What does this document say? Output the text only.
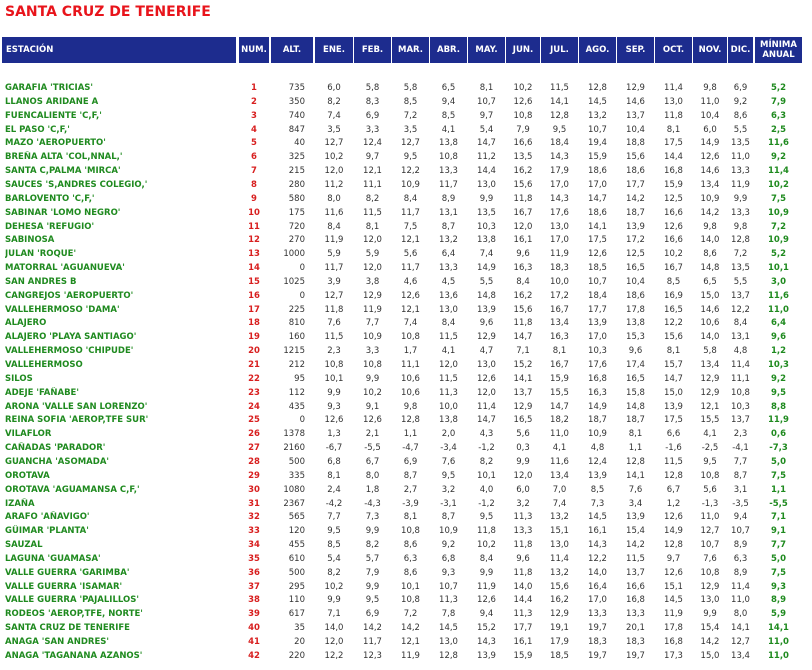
SANTA CRUZ DE TENERIFE
ESTACIÓN	NUM.	ALT.	ENE.	FEB.	MAR.	ABR.	MAY.	JUN.	JUL.	AGO.	SEP.	OCT.	NOV.	DIC.	MÍNIMA ANUAL
GARAFIA 'TRICIAS'	1	735	6,0	5,8	5,8	6,5	8,1	10,2	11,5	12,8	12,9	11,4	9,8	6,9	5,2
LLANOS ARIDANE A	2	350	8,2	8,3	8,5	9,4	10,7	12,6	14,1	14,5	14,6	13,0	11,0	9,2	7,9
FUENCALIENTE 'C,F,'	3	740	7,4	6,9	7,2	8,5	9,7	10,8	12,8	13,2	13,7	11,8	10,4	8,6	6,3
EL PASO 'C,F,'	4	847	3,5	3,3	3,5	4,1	5,4	7,9	9,5	10,7	10,4	8,1	6,0	5,5	2,5
MAZO 'AEROPUERTO'	5	40	12,7	12,4	12,7	13,8	14,7	16,6	18,4	19,4	18,8	17,5	14,9	13,5	11,6
BREÑA ALTA 'COL,NNAL,'	6	325	10,2	9,7	9,5	10,8	11,2	13,5	14,3	15,9	15,6	14,4	12,6	11,0	9,2
SANTA C,PALMA 'MIRCA'	7	215	12,0	12,1	12,2	13,3	14,4	16,2	17,9	18,6	18,6	16,8	14,6	13,3	11,4
SAUCES 'S,ANDRES COLEGIO,'	8	280	11,2	11,1	10,9	11,7	13,0	15,6	17,0	17,0	17,7	15,9	13,4	11,9	10,2
BARLOVENTO 'C,F,'	9	580	8,0	8,2	8,4	8,9	9,9	11,8	14,3	14,7	14,2	12,5	10,9	9,9	7,5
SABINAR 'LOMO NEGRO'	10	175	11,6	11,5	11,7	13,1	13,5	16,7	17,6	18,6	18,7	16,6	14,2	13,3	10,9
DEHESA 'REFUGIO'	11	720	8,4	8,1	7,5	8,7	10,3	12,0	13,0	14,1	13,9	12,6	9,8	9,8	7,2
SABINOSA	12	270	11,9	12,0	12,1	13,2	13,8	16,1	17,0	17,5	17,2	16,6	14,0	12,8	10,9
JULAN 'ROQUE'	13	1000	5,9	5,9	5,6	6,4	7,4	9,6	11,9	12,6	12,5	10,2	8,6	7,2	5,2
MATORRAL 'AGUANUEVA'	14	0	11,7	12,0	11,7	13,3	14,9	16,3	18,3	18,5	16,5	16,7	14,8	13,5	10,1
SAN ANDRES B	15	1025	3,9	3,8	4,6	4,5	5,5	8,4	10,0	10,7	10,4	8,5	6,5	5,5	3,0
CANGREJOS 'AEROPUERTO'	16	0	12,7	12,9	12,6	13,6	14,8	16,2	17,2	18,4	18,6	16,9	15,0	13,7	11,6
VALLEHERMOSO 'DAMA'	17	225	11,8	11,9	12,1	13,0	13,9	15,6	16,7	17,7	17,8	16,5	14,6	12,2	11,0
ALAJERO	18	810	7,6	7,7	7,4	8,4	9,6	11,8	13,4	13,9	13,8	12,2	10,6	8,4	6,4
ALAJERO 'PLAYA SANTIAGO'	19	160	11,5	10,9	10,8	11,5	12,9	14,7	16,3	17,0	15,3	15,6	14,0	13,1	9,6
VALLEHERMOSO 'CHIPUDE'	20	1215	2,3	3,3	1,7	4,1	4,7	7,1	8,1	10,3	9,6	8,1	5,8	4,8	1,2
VALLEHERMOSO	21	212	10,8	10,8	11,1	12,0	13,0	15,2	16,7	17,6	17,4	15,7	13,4	11,4	10,3
SILOS	22	95	10,1	9,9	10,6	11,5	12,6	14,1	15,9	16,8	16,5	14,7	12,9	11,1	9,2
ADEJE 'FAÑABE'	23	112	9,9	10,2	10,6	11,3	12,0	13,7	15,5	16,3	15,8	15,0	12,9	10,8	9,5
ARONA 'VALLE SAN LORENZO'	24	435	9,3	9,1	9,8	10,0	11,4	12,9	14,7	14,9	14,8	13,9	12,1	10,3	8,8
REINA SOFIA 'AEROP,TFE SUR'	25	0	12,6	12,6	12,8	13,8	14,7	16,5	18,2	18,7	18,7	17,5	15,5	13,7	11,9
VILAFLOR	26	1378	1,3	2,1	1,1	2,0	4,3	5,6	11,0	10,9	8,1	6,6	4,1	2,3	0,6
CAÑADAS 'PARADOR'	27	2160	-6,7	-5,5	-4,7	-3,4	-1,2	0,3	4,1	4,8	1,1	-1,6	-2,5	-4,1	-7,3
GUANCHA 'ASOMADA'	28	500	6,8	6,7	6,9	7,6	8,2	9,9	11,6	12,4	12,8	11,5	9,5	7,7	5,0
OROTAVA	29	335	8,1	8,0	8,7	9,5	10,1	12,0	13,4	13,9	14,1	12,8	10,8	8,7	7,5
OROTAVA 'AGUAMANSA C,F,'	30	1080	2,4	1,8	2,7	3,2	4,0	6,0	7,0	8,5	7,6	6,7	5,6	3,1	1,1
IZAÑA	31	2367	-4,2	-4,3	-3,9	-3,1	-1,2	3,2	7,4	7,3	3,4	1,2	-1,3	-3,5	-5,5
ARAFO 'AÑAVIGO'	32	565	7,7	7,3	8,1	8,7	9,5	11,3	13,2	14,5	13,9	12,6	11,0	9,4	7,1
GÜIMAR 'PLANTA'	33	120	9,5	9,9	10,8	10,9	11,8	13,3	15,1	16,1	15,4	14,9	12,7	10,7	9,1
SAUZAL	34	455	8,5	8,2	8,6	9,2	10,2	11,8	13,0	14,3	14,2	12,8	10,7	8,9	7,7
LAGUNA 'GUAMASA'	35	610	5,4	5,7	6,3	6,8	8,4	9,6	11,4	12,2	11,5	9,7	7,6	6,3	5,0
VALLE GUERRA 'GARIMBA'	36	500	8,2	7,9	8,6	9,3	9,9	11,8	13,2	14,0	13,7	12,6	10,8	8,9	7,5
VALLE GUERRA 'ISAMAR'	37	295	10,2	9,9	10,1	10,7	11,9	14,0	15,6	16,4	16,6	15,1	12,9	11,4	9,3
VALLE GUERRA 'PAJALILLOS'	38	110	9,9	9,5	10,8	11,3	12,6	14,4	16,2	17,0	16,8	14,5	13,0	11,0	8,9
RODEOS 'AEROP,TFE, NORTE'	39	617	7,1	6,9	7,2	7,8	9,4	11,3	12,9	13,3	13,3	11,9	9,9	8,0	5,9
SANTA CRUZ DE TENERIFE	40	35	14,0	14,2	14,2	14,5	15,2	17,7	19,1	19,7	20,1	17,8	15,4	14,1	14,1
ANAGA 'SAN ANDRES'	41	20	12,0	11,7	12,1	13,0	14,3	16,1	17,9	18,3	18,3	16,8	14,2	12,7	11,0
ANAGA 'TAGANANA AZANOS'	42	220	12,2	12,3	11,9	12,8	13,9	15,9	18,5	19,7	19,7	17,3	15,0	13,4	11,0
